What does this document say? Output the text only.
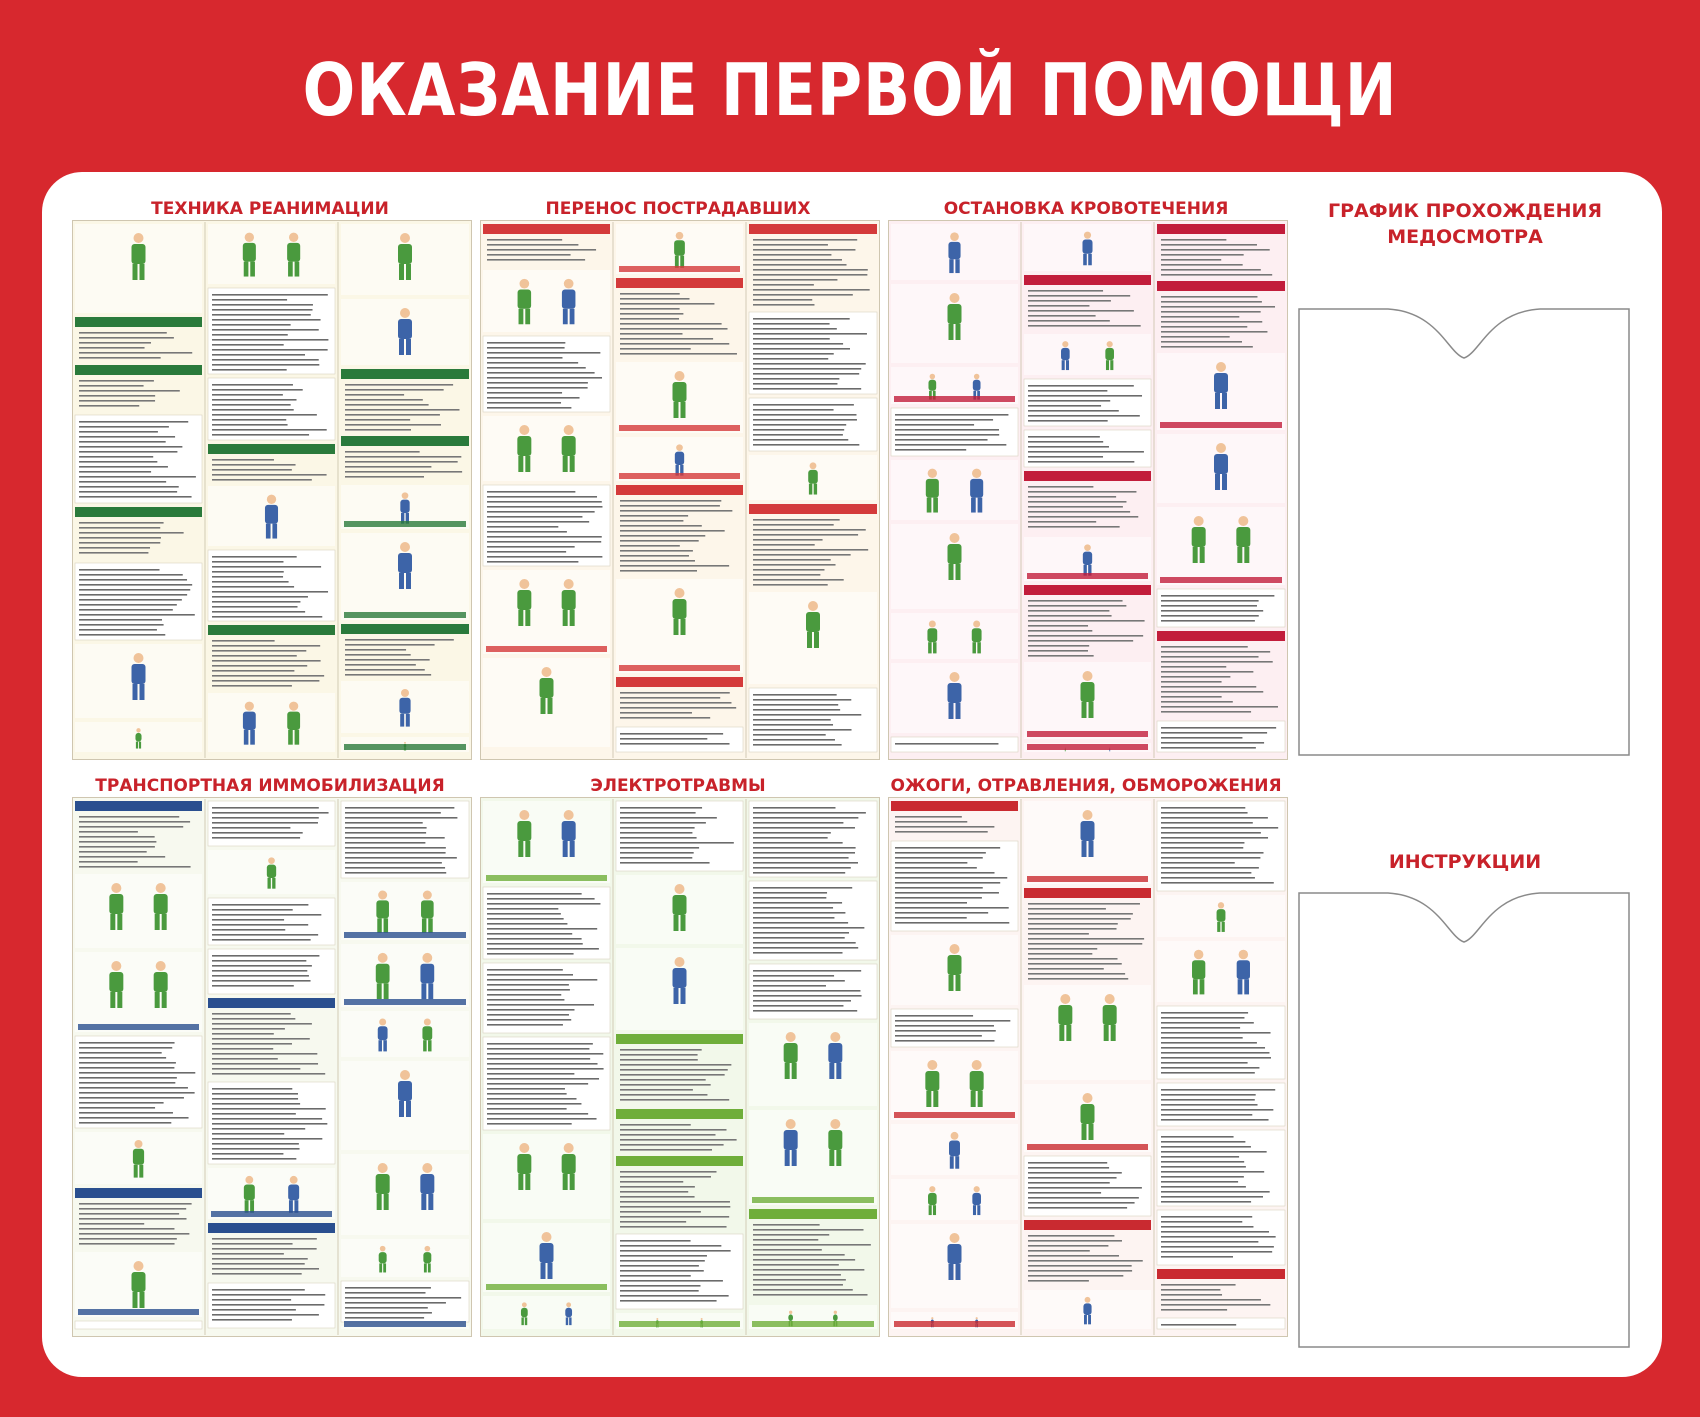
ОКАЗАНИЕ ПЕРВОЙ ПОМОЩИ
ТЕХНИКА РЕАНИМАЦИИ	ПЕРЕНОС ПОСТРАДАВШИХ	ОСТАНОВКА КРОВОТЕЧЕНИЯ
ТРАНСПОРТНАЯ ИММОБИЛИЗАЦИЯ	ЭЛЕКТРОТРАВМЫ	ОЖОГИ, ОТРАВЛЕНИЯ, ОБМОРОЖЕНИЯ
ГРАФИК ПРОХОЖДЕНИЯ
МЕДОСМОТРА
ИНСТРУКЦИИ
